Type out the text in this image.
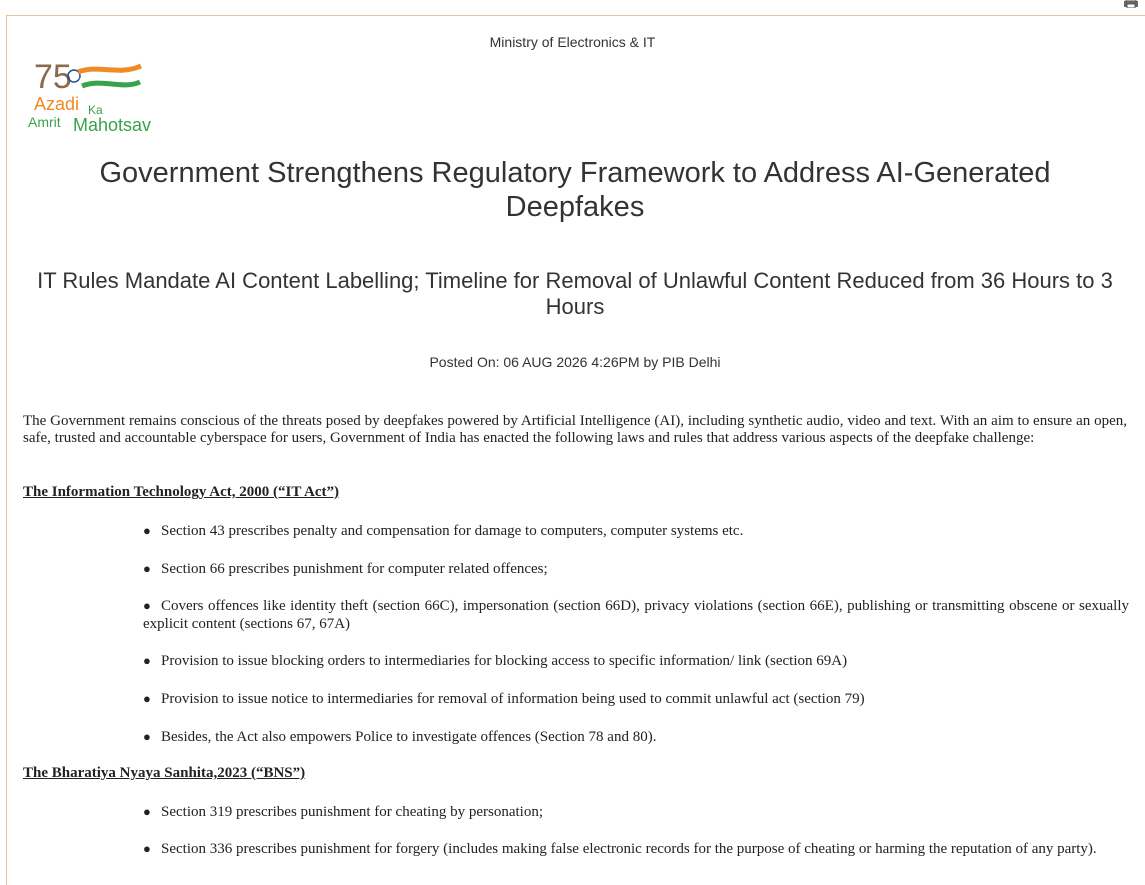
Ministry of Electronics & IT
75
Azadi Ka
Amrit Mahotsav
Government Strengthens Regulatory Framework to Address AI-Generated Deepfakes
IT Rules Mandate AI Content Labelling; Timeline for Removal of Unlawful Content Reduced from 36 Hours to 3 Hours
Posted On: 06 AUG 2026 4:26PM by PIB Delhi

The Government remains conscious of the threats posed by deepfakes powered by Artificial Intelligence (AI), including synthetic audio, video and text. With an aim to ensure an open, safe, trusted and accountable cyberspace for users, Government of India has enacted the following laws and rules that address various aspects of the deepfake challenge:

The Information Technology Act, 2000 (“IT Act”)
● Section 43 prescribes penalty and compensation for damage to computers, computer systems etc.
● Section 66 prescribes punishment for computer related offences;
● Covers offences like identity theft (section 66C), impersonation (section 66D), privacy violations (section 66E), publishing or transmitting obscene or sexually explicit content (sections 67, 67A)
● Provision to issue blocking orders to intermediaries for blocking access to specific information/ link (section 69A)
● Provision to issue notice to intermediaries for removal of information being used to commit unlawful act (section 79)
● Besides, the Act also empowers Police to investigate offences (Section 78 and 80).
The Bharatiya Nyaya Sanhita,2023 (“BNS”)
● Section 319 prescribes punishment for cheating by personation;
● Section 336 prescribes punishment for forgery (includes making false electronic records for the purpose of cheating or harming the reputation of any party).
